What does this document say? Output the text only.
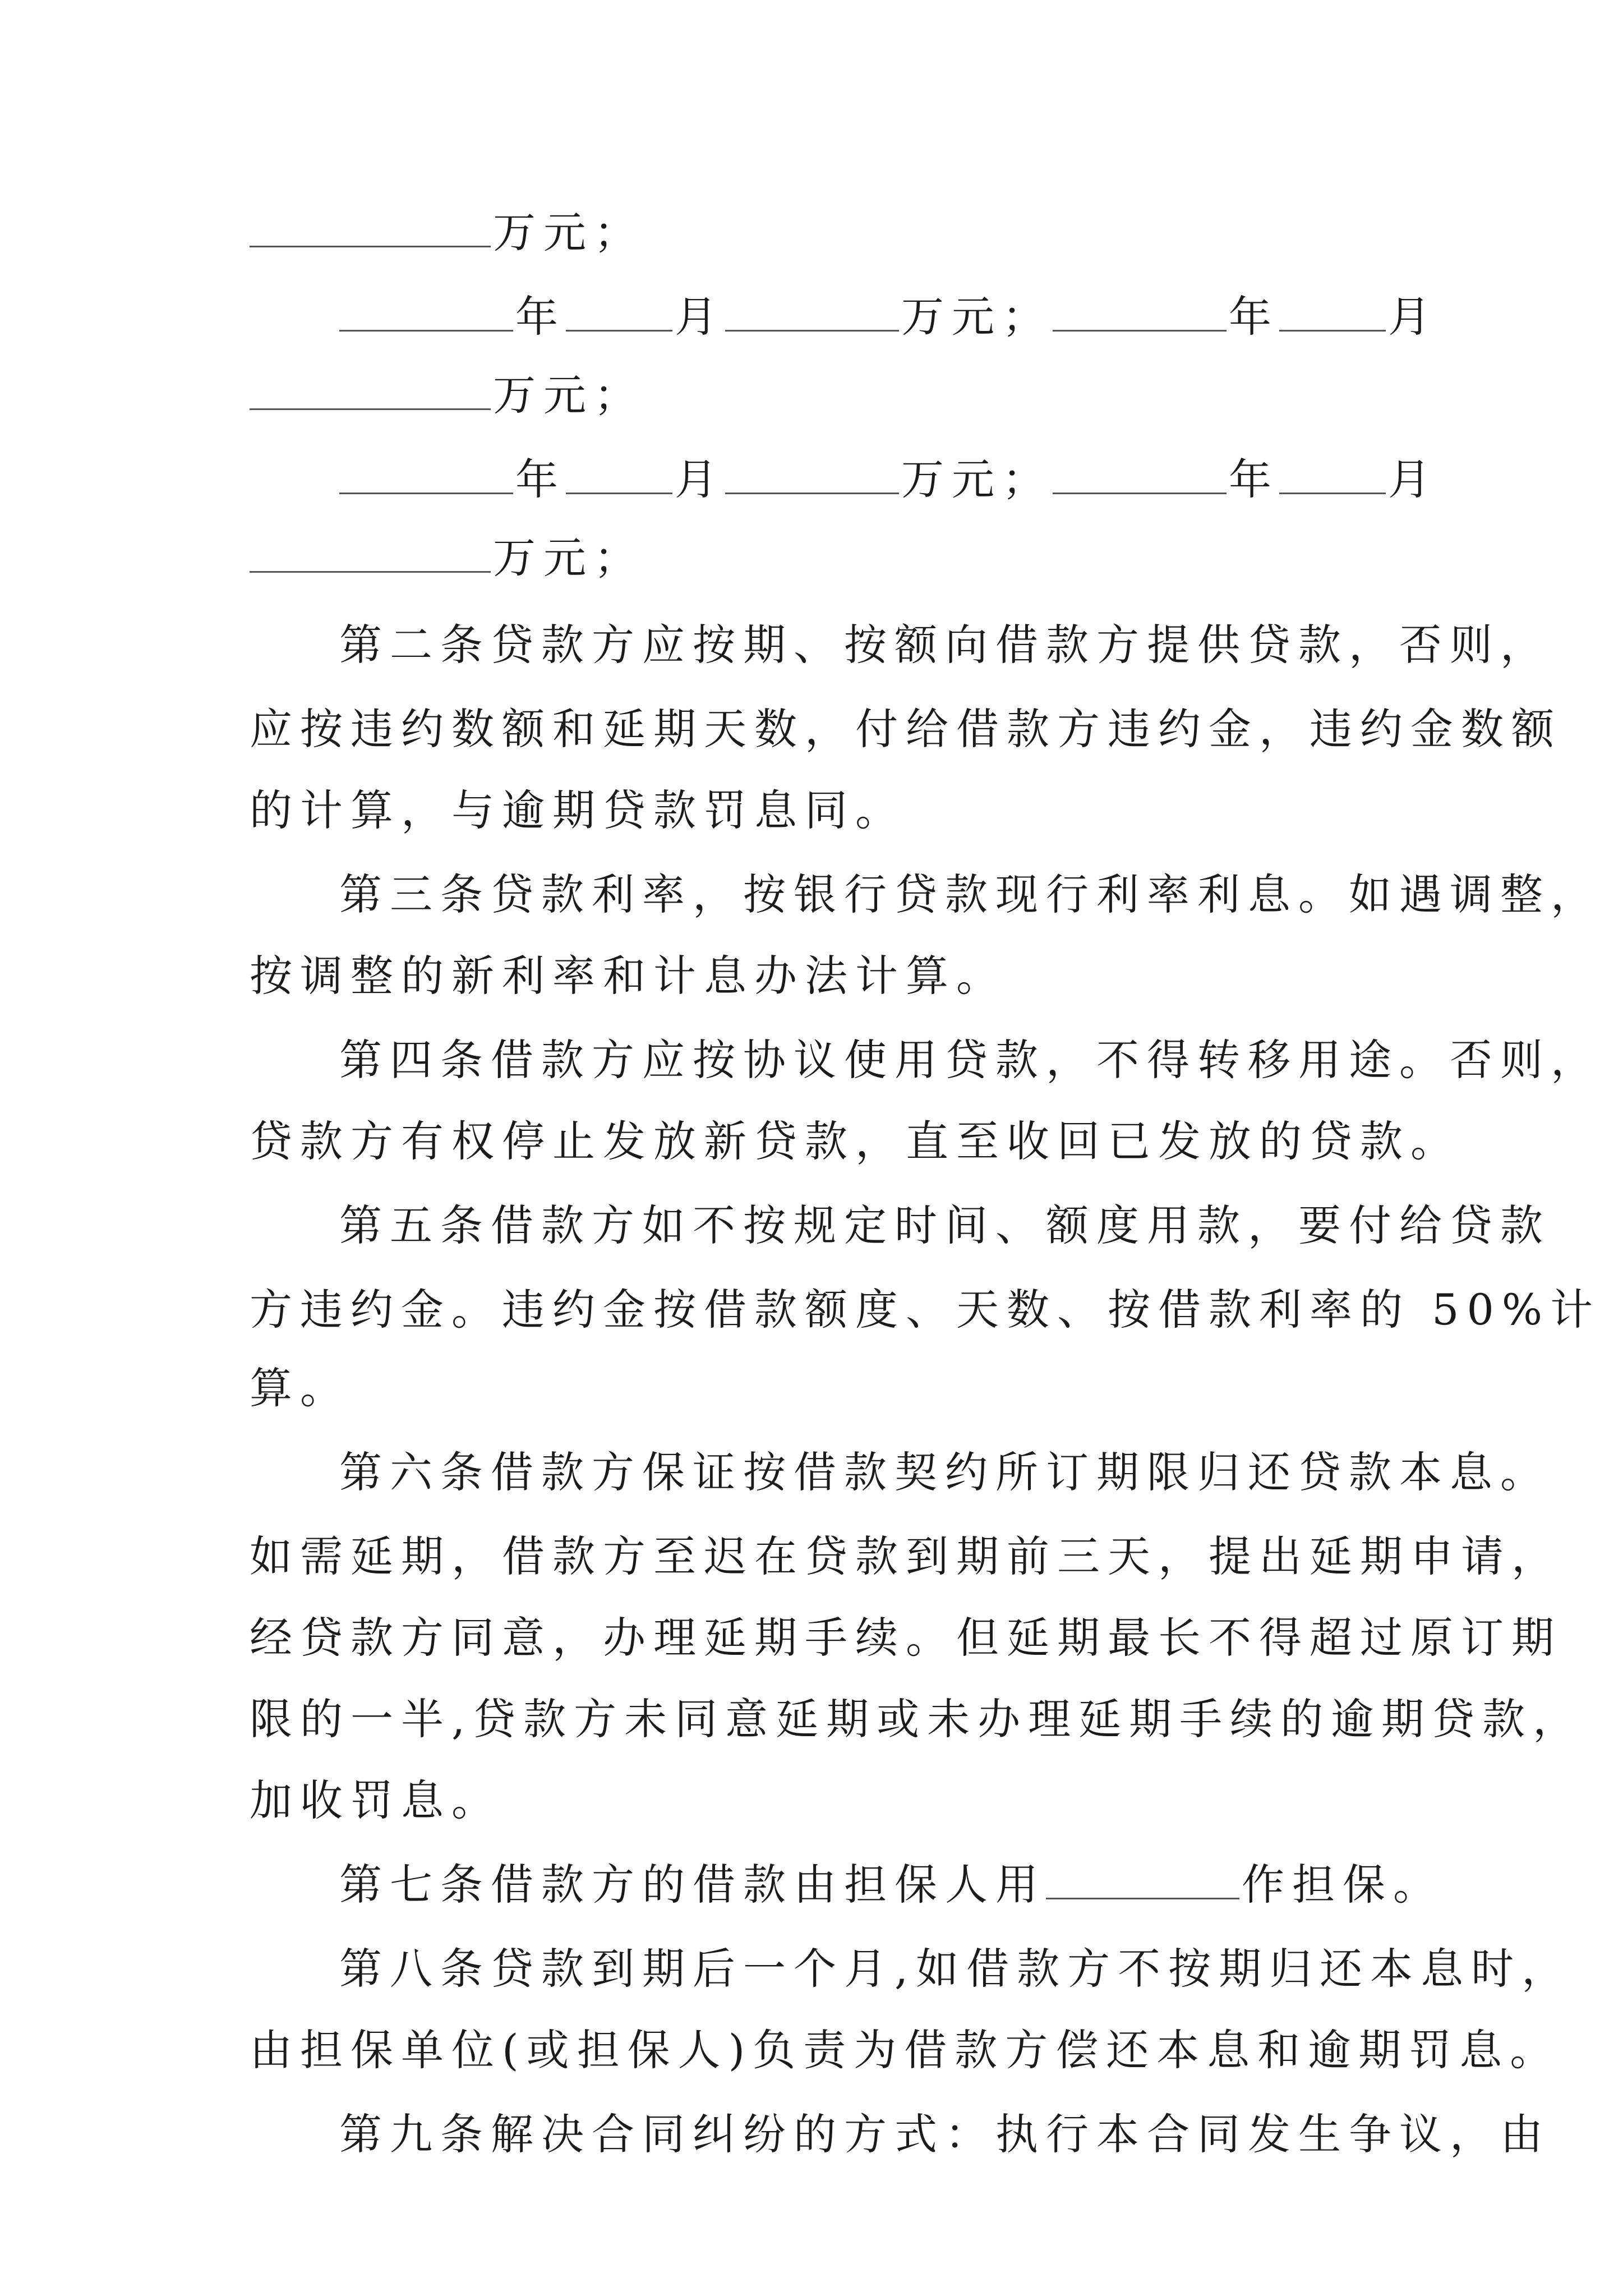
万元；
年	月	万元；	年	月
万元；
年	月	万元；	年	月
万元；
第二条贷款方应按期、按额向借款方提供贷款，否则，
应按违约数额和延期天数，付给借款方违约金，违约金数额
的计算，与逾期贷款罚息同。
第三条贷款利率，按银行贷款现行利率利息。如遇调整，
按调整的新利率和计息办法计算。
第四条借款方应按协议使用贷款，不得转移用途。否则，
贷款方有权停止发放新贷款，直至收回已发放的贷款。
第五条借款方如不按规定时间、额度用款，要付给贷款
方违约金。违约金按借款额度、天数、按借款利率的 50%计
算。
第六条借款方保证按借款契约所订期限归还贷款本息。
如需延期，借款方至迟在贷款到期前三天，提出延期申请，
经贷款方同意，办理延期手续。但延期最长不得超过原订期
限的一半,贷款方未同意延期或未办理延期手续的逾期贷款，
加收罚息。
第七条借款方的借款由担保人用	作担保。
第八条贷款到期后一个月,如借款方不按期归还本息时，
由担保单位(或担保人)负责为借款方偿还本息和逾期罚息。
第九条解决合同纠纷的方式：执行本合同发生争议，由
